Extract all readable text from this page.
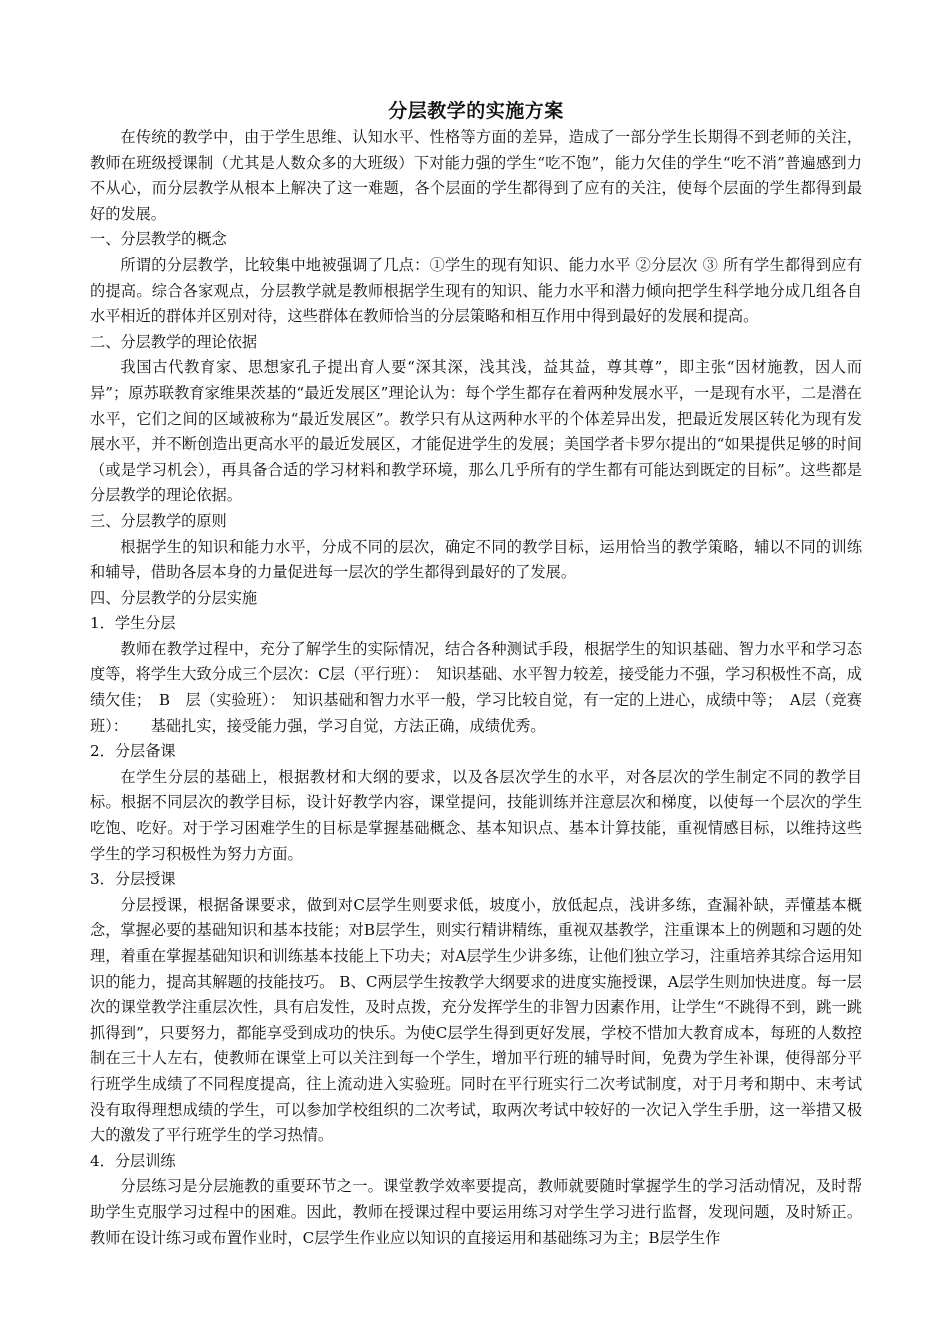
分层教学的实施方案

在传统的教学中，由于学生思维、认知水平、性格等方面的差异，造成了一部分学生长期得不到老师的关注，教师在班级授课制（尤其是人数众多的大班级）下对能力强的学生“吃不饱”，能力欠佳的学生“吃不消”普遍感到力不从心，而分层教学从根本上解决了这一难题，各个层面的学生都得到了应有的关注，使每个层面的学生都得到最好的发展。

一、分层教学的概念

所谓的分层教学，比较集中地被强调了几点：①学生的现有知识、能力水平 ②分层次 ③ 所有学生都得到应有的提高。综合各家观点，分层教学就是教师根据学生现有的知识、能力水平和潜力倾向把学生科学地分成几组各自水平相近的群体并区别对待，这些群体在教师恰当的分层策略和相互作用中得到最好的发展和提高。

二、分层教学的理论依据

我国古代教育家、思想家孔子提出育人要“深其深，浅其浅，益其益，尊其尊”，即主张“因材施教，因人而异”；原苏联教育家维果茨基的“最近发展区”理论认为：每个学生都存在着两种发展水平，一是现有水平，二是潜在水平，它们之间的区域被称为“最近发展区”。教学只有从这两种水平的个体差异出发，把最近发展区转化为现有发展水平，并不断创造出更高水平的最近发展区，才能促进学生的发展；美国学者卡罗尔提出的“如果提供足够的时间（或是学习机会），再具备合适的学习材料和教学环境，那么几乎所有的学生都有可能达到既定的目标”。这些都是分层教学的理论依据。

三、分层教学的原则

根据学生的知识和能力水平，分成不同的层次，确定不同的教学目标，运用恰当的教学策略，辅以不同的训练和辅导，借助各层本身的力量促进每一层次的学生都得到最好的了发展。

四、分层教学的分层实施

1．学生分层

教师在教学过程中，充分了解学生的实际情况，结合各种测试手段，根据学生的知识基础、智力水平和学习态度等，将学生大致分成三个层次：C层（平行班）：　知识基础、水平智力较差，接受能力不强，学习积极性不高，成绩欠佳；　B　层（实验班）：　知识基础和智力水平一般，学习比较自觉，有一定的上进心，成绩中等；　A层（竞赛班）：　　基础扎实，接受能力强，学习自觉，方法正确，成绩优秀。

2．分层备课

在学生分层的基础上，根据教材和大纲的要求，以及各层次学生的水平，对各层次的学生制定不同的教学目标。根据不同层次的教学目标，设计好教学内容，课堂提问，技能训练并注意层次和梯度，以使每一个层次的学生吃饱、吃好。对于学习困难学生的目标是掌握基础概念、基本知识点、基本计算技能，重视情感目标，以维持这些学生的学习积极性为努力方面。

3．分层授课

分层授课，根据备课要求，做到对C层学生则要求低，坡度小，放低起点，浅讲多练，查漏补缺，弄懂基本概念，掌握必要的基础知识和基本技能；对B层学生，则实行精讲精练，重视双基教学，注重课本上的例题和习题的处理，着重在掌握基础知识和训练基本技能上下功夫；对A层学生少讲多练，让他们独立学习，注重培养其综合运用知识的能力，提高其解题的技能技巧。 B、C两层学生按教学大纲要求的进度实施授课，A层学生则加快进度。每一层次的课堂教学注重层次性，具有启发性，及时点拨，充分发挥学生的非智力因素作用，让学生“不跳得不到，跳一跳抓得到”，只要努力，都能享受到成功的快乐。为使C层学生得到更好发展，学校不惜加大教育成本，每班的人数控制在三十人左右，使教师在课堂上可以关注到每一个学生，增加平行班的辅导时间，免费为学生补课，使得部分平行班学生成绩了不同程度提高，往上流动进入实验班。同时在平行班实行二次考试制度，对于月考和期中、末考试没有取得理想成绩的学生，可以参加学校组织的二次考试，取两次考试中较好的一次记入学生手册，这一举措又极大的激发了平行班学生的学习热情。

4．分层训练

分层练习是分层施教的重要环节之一。课堂教学效率要提高，教师就要随时掌握学生的学习活动情况，及时帮助学生克服学习过程中的困难。因此，教师在授课过程中要运用练习对学生学习进行监督，发现问题，及时矫正。教师在设计练习或布置作业时，C层学生作业应以知识的直接运用和基础练习为主；B层学生作
